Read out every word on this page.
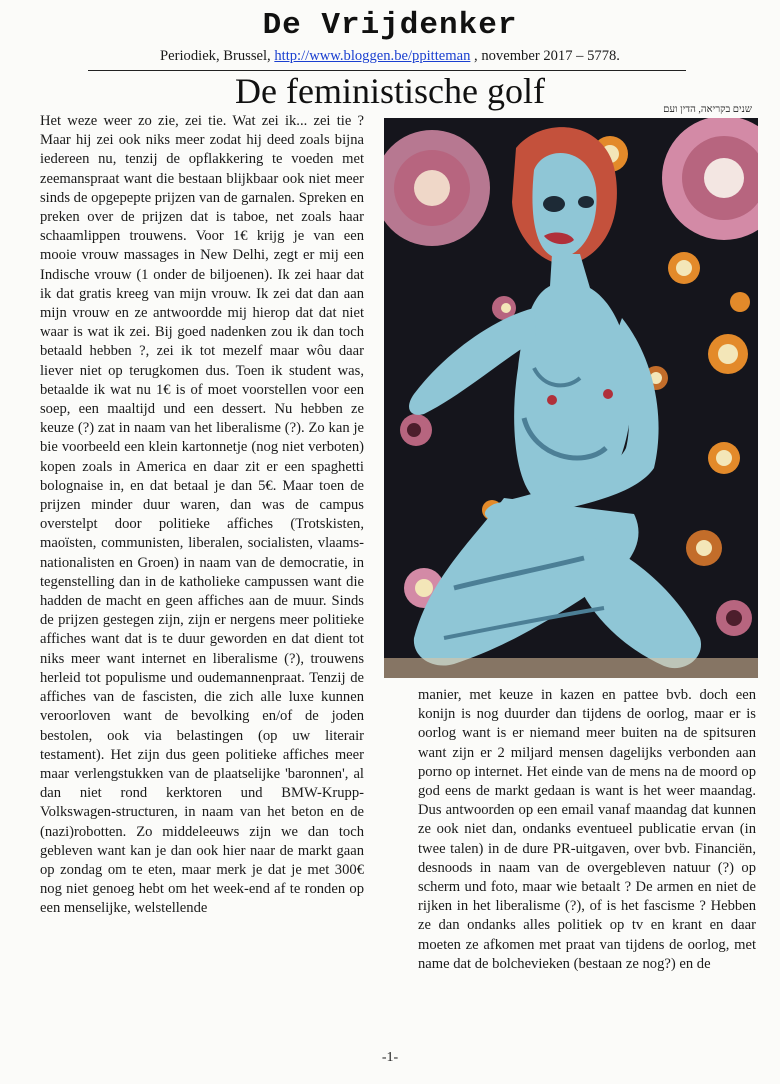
De Vrijdenker
Periodiek, Brussel, http://www.bloggen.be/ppitteman , november 2017 – 5778.
De feministische golf	שנים בקריאה, הדין ועם
Het weze weer zo zie, zei tie. Wat zei ik... zei tie ? Maar hij zei ook niks meer zodat hij deed zoals bijna iedereen nu, tenzij de opflakkering te voeden met zeemanspraat want die bestaan blijkbaar ook niet meer sinds de opgepepte prijzen van de garnalen. Spreken en preken over de prijzen dat is taboe, net zoals haar schaamlippen trouwens. Voor 1€ krijg je van een mooie vrouw massages in New Delhi, zegt er mij een Indische vrouw (1 onder de biljoenen). Ik zei haar dat ik dat gratis kreeg van mijn vrouw. Ik zei dat dan aan mijn vrouw en ze antwoordde mij hierop dat dat niet waar is wat ik zei. Bij goed nadenken zou ik dan toch betaald hebben ?, zei ik tot mezelf maar wôu daar liever niet op terugkomen dus. Toen ik student was, betaalde ik wat nu 1€ is of moet voorstellen voor een soep, een maaltijd und een dessert. Nu hebben ze keuze (?) zat in naam van het liberalisme (?). Zo kan je bie voorbeeld een klein kartonnetje (nog niet verboten) kopen zoals in America en daar zit er een spaghetti bolognaise in, en dat betaal je dan 5€. Maar toen de prijzen minder duur waren, dan was de campus overstelpt door politieke affiches (Trotskisten, maoïsten, communisten, liberalen, socialisten, vlaams-nationalisten en Groen) in naam van de democratie, in tegenstelling dan in de katholieke campussen want die hadden de macht en geen affiches aan de muur. Sinds de prijzen gestegen zijn, zijn er nergens meer politieke affiches want dat is te duur geworden en dat dient tot niks meer want internet en liberalisme (?), trouwens herleid tot populisme und oudemannenpraat. Tenzij de affiches van de fascisten, die zich alle luxe kunnen veroorloven want de bevolking en/of de joden bestolen, ook via belastingen (op uw literair testament). Het zijn dus geen politieke affiches meer maar verlengstukken van de plaatselijke 'baronnen', al dan niet rond kerktoren und BMW-Krupp-Volkswagen-structuren, in naam van het beton en de (nazi)robotten. Zo middeleeuws zijn we dan toch gebleven want kan je dan ook hier naar de markt gaan op zondag om te eten, maar merk je dat je met 300€ nog niet genoeg hebt om het week-end af te ronden op een menselijke, welstellende
manier, met keuze in kazen en pattee bvb. doch een konijn is nog duurder dan tijdens de oorlog, maar er is oorlog want is er niemand meer buiten na de spitsuren want zijn er 2 miljard mensen dagelijks verbonden aan porno op internet. Het einde van de mens na de moord op god eens de markt gedaan is want is het weer maandag. Dus antwoorden op een email vanaf maandag dat kunnen ze ook niet dan, ondanks eventueel publicatie ervan (in twee talen) in de dure PR-uitgaven, over bvb. Financiën, desnoods in naam van de overgebleven natuur (?) op scherm und foto, maar wie betaalt ? De armen en niet de rijken in het liberalisme (?), of is het fascisme ? Hebben ze dan ondanks alles politiek op tv en krant en daar moeten ze afkomen met praat van tijdens de oorlog, met name dat de bolchevieken (bestaan ze nog?) en de
-1-
